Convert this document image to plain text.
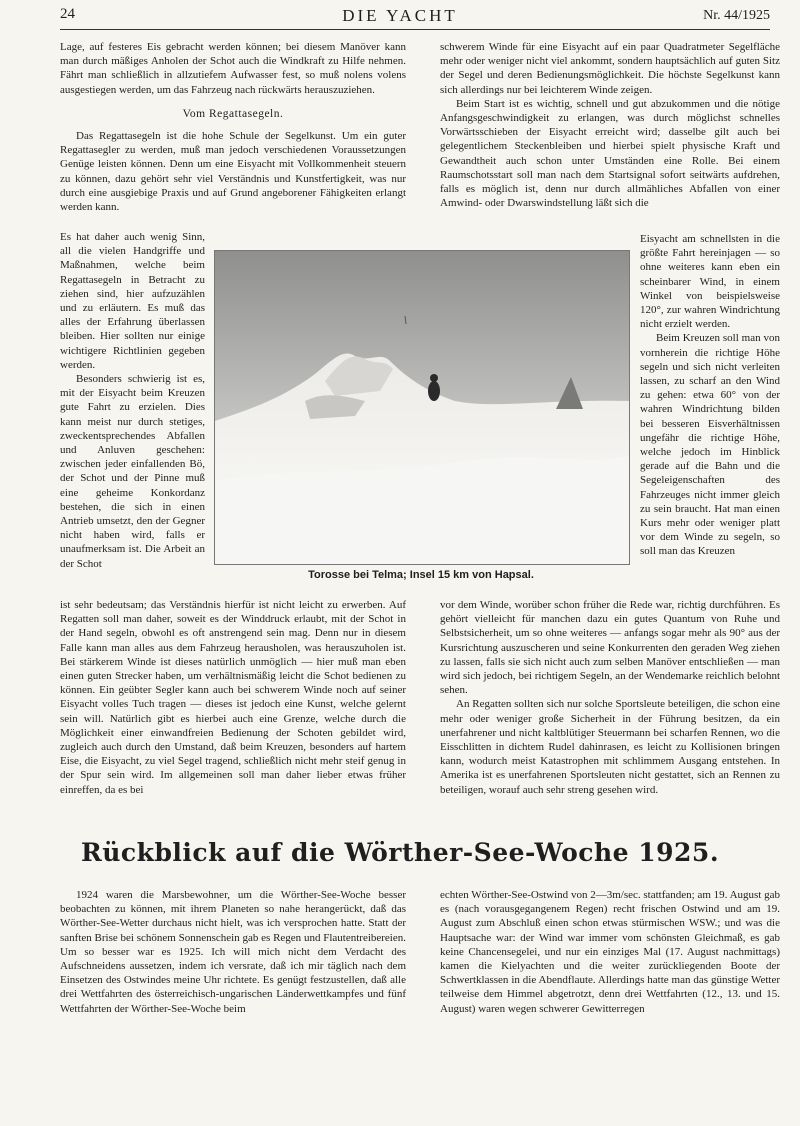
24	DIE YACHT	Nr. 44/1925

Lage, auf festeres Eis gebracht werden können; bei diesem Manöver kann man durch mäßiges Anholen der Schot auch die Windkraft zu Hilfe nehmen. Fährt man schließlich in allzutiefem Aufwasser fest, so muß nolens volens ausgestiegen werden, um das Fahrzeug nach rückwärts herauszuziehen.

Vom Regattasegeln.

Das Regattasegeln ist die hohe Schule der Segelkunst. Um ein guter Regattasegler zu werden, muß man jedoch verschiedenen Voraussetzungen Genüge leisten können. Denn um eine Eisyacht mit Vollkommenheit steuern zu können, dazu gehört sehr viel Verständnis und Kunstfertigkeit, was nur durch eine ausgiebige Praxis und auf Grund angeborener Fähigkeiten erlangt werden kann.

schwerem Winde für eine Eisyacht auf ein paar Quadratmeter Segelfläche mehr oder weniger nicht viel ankommt, sondern hauptsächlich auf guten Sitz der Segel und deren Bedienungsmöglichkeit. Die höchste Segelkunst kann sich allerdings nur bei leichterem Winde zeigen.

Beim Start ist es wichtig, schnell und gut abzukommen und die nötige Anfangsgeschwindigkeit zu erlangen, was durch möglichst schnelles Vorwärtsschieben der Eisyacht erreicht wird; dasselbe gilt auch bei gelegentlichem Steckenbleiben und hierbei spielt physische Kraft und Gewandtheit auch schon unter Umständen eine Rolle. Bei einem Raumschotsstart soll man nach dem Startsignal sofort seitwärts aufdrehen, falls es möglich ist, denn nur durch allmähliches Abfallen von einer Amwind- oder Dwarswindstellung läßt sich die

Es hat daher auch wenig Sinn, all die vielen Handgriffe und Maßnahmen, welche beim Regattasegeln in Betracht zu ziehen sind, hier aufzuzählen und zu erläutern. Es muß das alles der Erfahrung überlassen bleiben. Hier sollten nur einige wichtigere Richtlinien gegeben werden.

Besonders schwierig ist es, mit der Eisyacht beim Kreuzen gute Fahrt zu erzielen. Dies kann meist nur durch stetiges, zweckentsprechendes Abfallen und Anluven geschehen: zwischen jeder einfallenden Bö, der Schot und der Pinne muß eine geheime Konkordanz bestehen, die sich in einen Antrieb umsetzt, den der Gegner nicht haben wird, falls er unaufmerksam ist. Die Arbeit an der Schot

Eisyacht am schnellsten in die größte Fahrt hereinjagen — so ohne weiteres kann eben ein scheinbarer Wind, in einem Winkel von beispielsweise 120°, zur wahren Windrichtung nicht erzielt werden.

Beim Kreuzen soll man von vornherein die richtige Höhe segeln und sich nicht verleiten lassen, zu scharf an den Wind zu gehen: etwa 60° von der wahren Windrichtung bilden bei besseren Eisverhältnissen ungefähr die richtige Höhe, welche jedoch im Hinblick gerade auf die Bahn und die Segeleigenschaften des Fahrzeuges nicht immer gleich zu sein braucht. Hat man einen Kurs mehr oder weniger platt vor dem Winde zu segeln, so soll man das Kreuzen

Torosse bei Telma; Insel 15 km von Hapsal.

ist sehr bedeutsam; das Verständnis hierfür ist nicht leicht zu erwerben. Auf Regatten soll man daher, soweit es der Winddruck erlaubt, mit der Schot in der Hand segeln, obwohl es oft anstrengend sein mag. Denn nur in diesem Falle kann man alles aus dem Fahrzeug herausholen, was herauszuholen ist. Bei stärkerem Winde ist dieses natürlich unmöglich — hier muß man eben einen guten Strecker haben, um verhältnismäßig leicht die Schot bedienen zu können. Ein geübter Segler kann auch bei schwerem Winde noch auf seiner Eisyacht volles Tuch tragen — dieses ist jedoch eine Kunst, welche gelernt sein will. Natürlich gibt es hierbei auch eine Grenze, welche durch die Möglichkeit einer einwandfreien Bedienung der Schoten gebildet wird, zugleich auch durch den Umstand, daß beim Kreuzen, besonders auf hartem Eise, die Eisyacht, zu viel Segel tragend, schließlich nicht mehr steif genug in der Spur sein wird. Im allgemeinen soll man daher lieber etwas früher einreffen, da es bei

vor dem Winde, worüber schon früher die Rede war, richtig durchführen. Es gehört vielleicht für manchen dazu ein gutes Quantum von Ruhe und Selbstsicherheit, um so ohne weiteres — anfangs sogar mehr als 90° aus der Kursrichtung auszuscheren und seine Konkurrenten den geraden Weg ziehen zu lassen, falls sie sich nicht auch zum selben Manöver entschließen — man wird sich jedoch, bei richtigem Segeln, an der Wendemarke reichlich belohnt sehen.

An Regatten sollten sich nur solche Sportsleute beteiligen, die schon eine mehr oder weniger große Sicherheit in der Führung besitzen, da ein unerfahrener und nicht kaltblütiger Steuermann bei scharfen Rennen, wo die Eisschlitten in dichtem Rudel dahinrasen, es leicht zu Kollisionen bringen kann, wodurch meist Katastrophen mit schlimmem Ausgang entstehen. In Amerika ist es unerfahrenen Sportsleuten nicht gestattet, sich an Rennen zu beteiligen, worauf auch sehr streng gesehen wird.

Rückblick auf die Wörther-See-Woche 1925.

1924 waren die Marsbewohner, um die Wörther-See-Woche besser beobachten zu können, mit ihrem Planeten so nahe herangerückt, daß das Wörther-See-Wetter durchaus nicht hielt, was ich versprochen hatte. Statt der sanften Brise bei schönem Sonnenschein gab es Regen und Flautentreibereien. Um so besser war es 1925. Ich will mich nicht dem Verdacht des Aufschneidens aussetzen, indem ich versrate, daß ich mir täglich nach dem Einsetzen des Ostwindes meine Uhr richtete. Es genügt festzustellen, daß alle drei Wettfahrten des österreichisch-ungarischen Länderwettkampfes und fünf Wettfahrten der Wörther-See-Woche beim

echten Wörther-See-Ostwind von 2—3m/sec. stattfanden; am 19. August gab es (nach vorausgegangenem Regen) recht frischen Ostwind und am 19. August zum Abschluß einen schon etwas stürmischen WSW.; und was die Hauptsache war: der Wind war immer vom schönsten Gleichmaß, es gab keine Chancensegelei, und nur ein einziges Mal (17. August nachmittags) kamen die Kielyachten und die weiter zurückliegenden Boote der Schwertklassen in die Abendflaute. Allerdings hatte man das günstige Wetter teilweise dem Himmel abgetrotzt, denn drei Wettfahrten (12., 13. und 15. August) waren wegen schwerer Gewitterregen
